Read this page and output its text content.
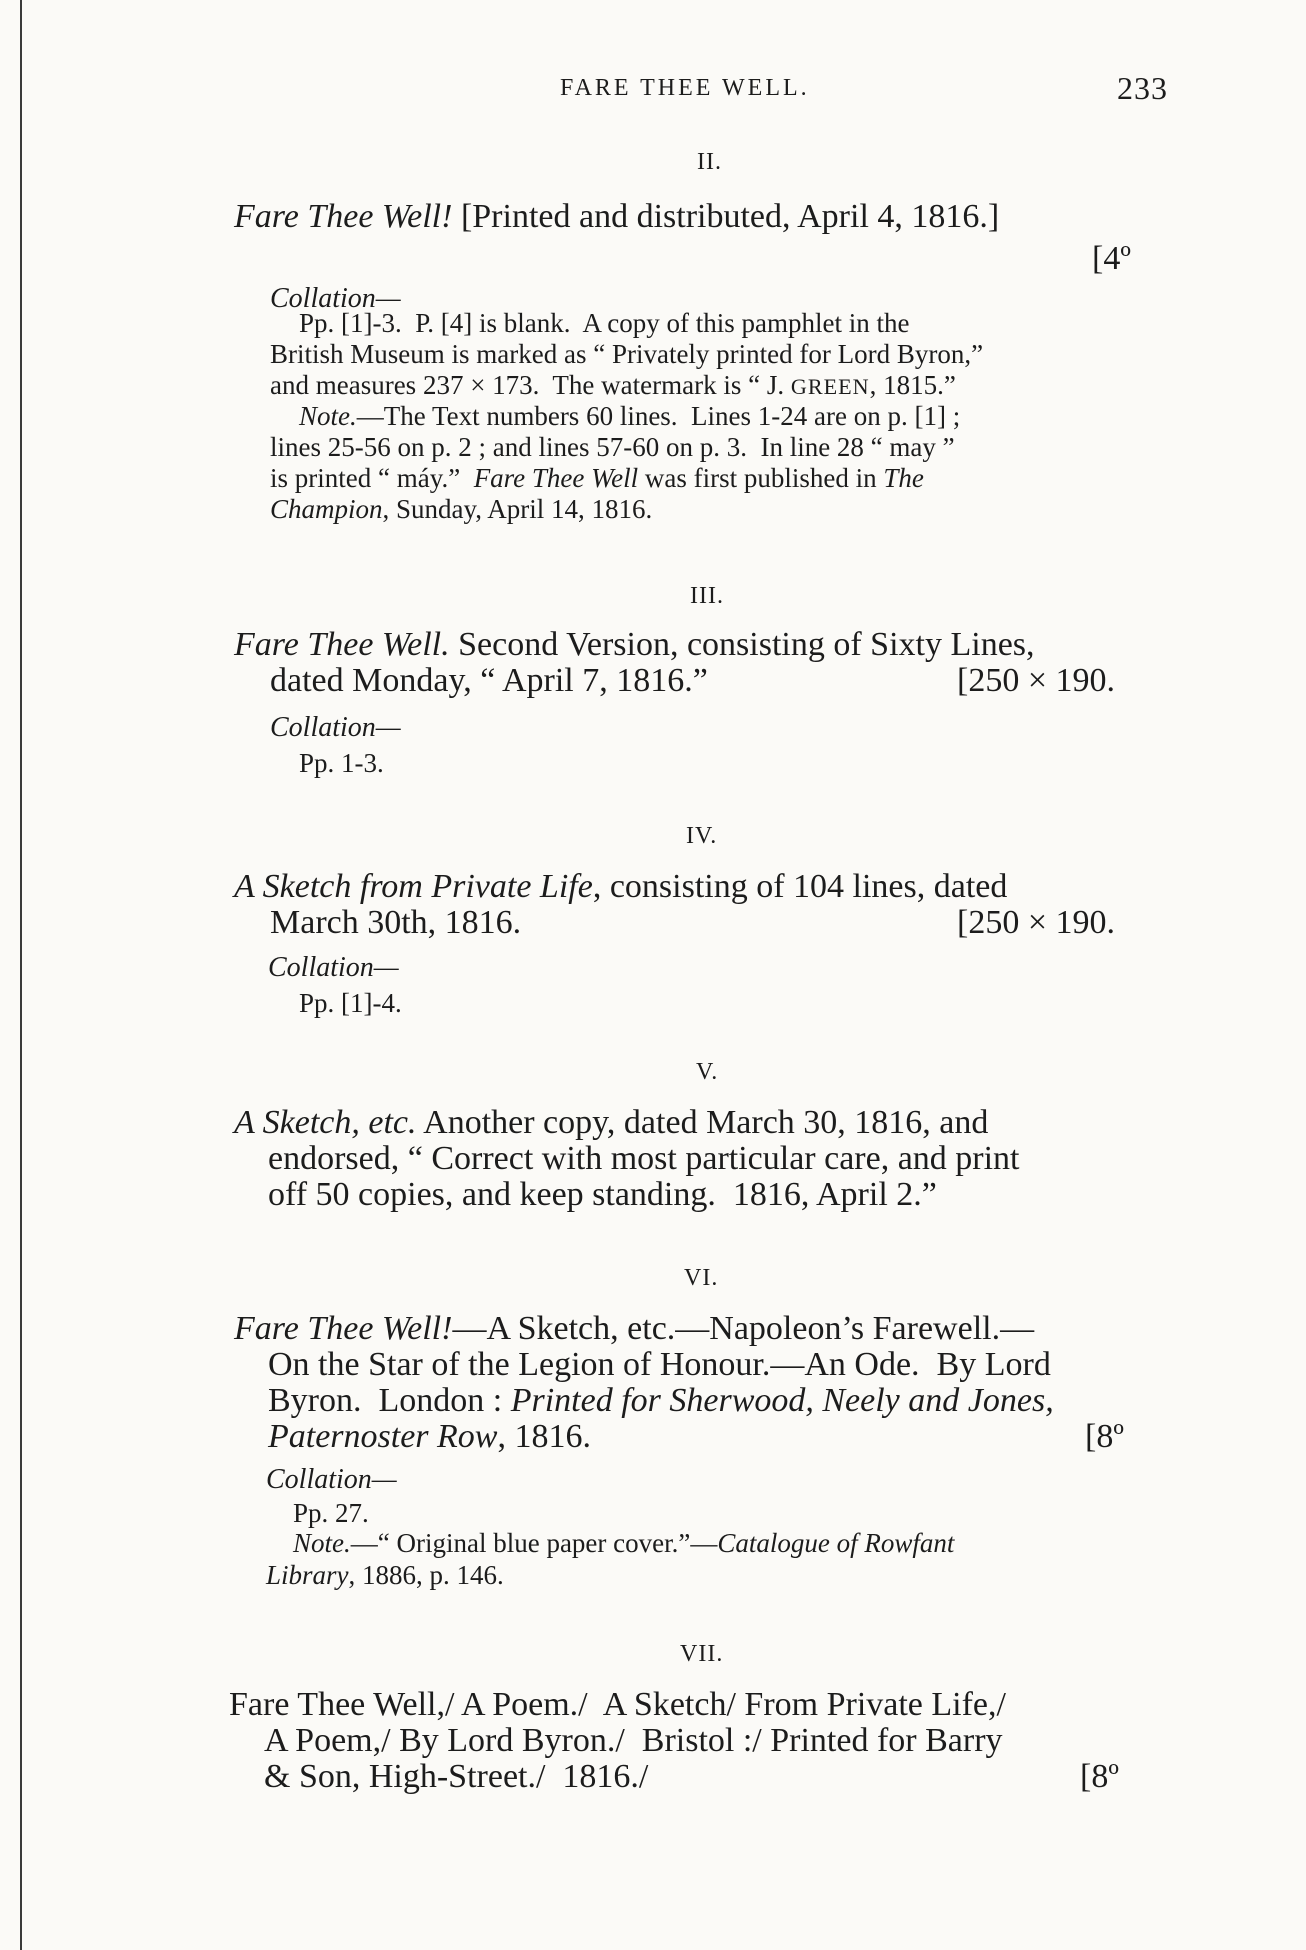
FARE THEE WELL.	233
II.
Fare Thee Well! [Printed and distributed, April 4, 1816.]
[4º
Collation—
Pp. [1]-3.  P. [4] is blank.  A copy of this pamphlet in the
British Museum is marked as “ Privately printed for Lord Byron,”
and measures 237 × 173.  The watermark is “ J. GREEN, 1815.”
Note.—The Text numbers 60 lines.  Lines 1-24 are on p. [1] ;
lines 25-56 on p. 2 ; and lines 57-60 on p. 3.  In line 28 “ may ”
is printed “ máy.”  Fare Thee Well was first published in The
Champion, Sunday, April 14, 1816.
III.
Fare Thee Well. Second Version, consisting of Sixty Lines,
dated Monday, “ April 7, 1816.”	[250 × 190.
Collation—
Pp. 1-3.
IV.
A Sketch from Private Life, consisting of 104 lines, dated
March 30th, 1816.	[250 × 190.
Collation—
Pp. [1]-4.
V.
A Sketch, etc. Another copy, dated March 30, 1816, and
endorsed, “ Correct with most particular care, and print
off 50 copies, and keep standing.  1816, April 2.”
VI.
Fare Thee Well!—A Sketch, etc.—Napoleon’s Farewell.—
On the Star of the Legion of Honour.—An Ode.  By Lord
Byron.  London : Printed for Sherwood, Neely and Jones,
Paternoster Row, 1816.	[8º
Collation—
Pp. 27.
Note.—“ Original blue paper cover.”—Catalogue of Rowfant
Library, 1886, p. 146.
VII.
Fare Thee Well,/ A Poem./  A Sketch/ From Private Life,/
A Poem,/ By Lord Byron./  Bristol :/ Printed for Barry
& Son, High-Street./  1816./	[8º
